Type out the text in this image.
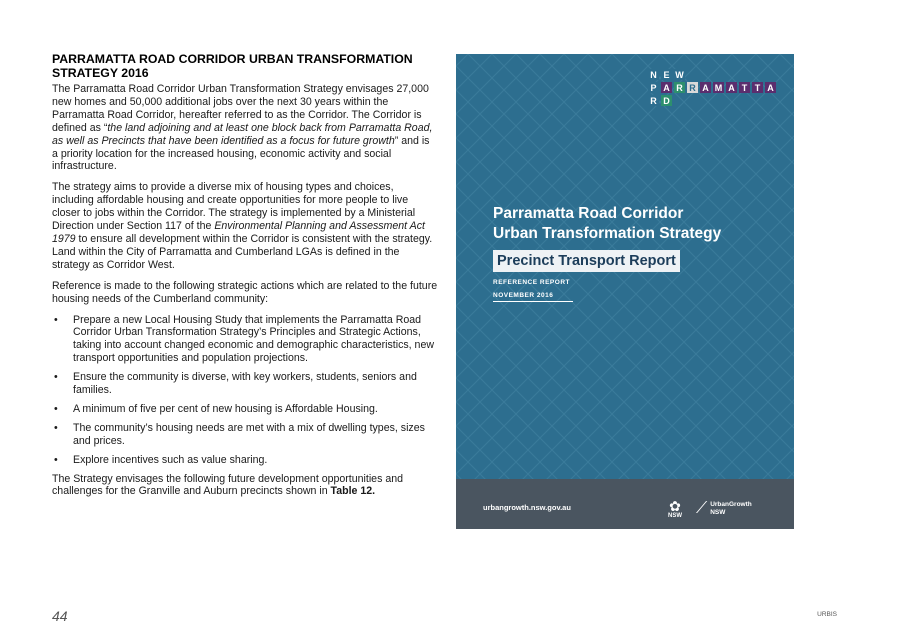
PARRAMATTA ROAD CORRIDOR URBAN TRANSFORMATION STRATEGY 2016

The Parramatta Road Corridor Urban Transformation Strategy envisages 27,000 new homes and 50,000 additional jobs over the next 30 years within the Parramatta Road Corridor, hereafter referred to as the Corridor. The Corridor is defined as “the land adjoining and at least one block back from Parramatta Road, as well as Precincts that have been identified as a focus for future growth” and is a priority location for the increased housing, economic activity and social infrastructure.

The strategy aims to provide a diverse mix of housing types and choices, including affordable housing and create opportunities for more people to live closer to jobs within the Corridor. The strategy is implemented by a Ministerial Direction under Section 117 of the Environmental Planning and Assessment Act 1979 to ensure all development within the Corridor is consistent with the strategy. Land within the City of Parramatta and Cumberland LGAs is defined in the strategy as Corridor West.

Reference is made to the following strategic actions which are related to the future housing needs of the Cumberland community:

• Prepare a new Local Housing Study that implements the Parramatta Road Corridor Urban Transformation Strategy’s Principles and Strategic Actions, taking into account changed economic and demographic characteristics, new transport opportunities and population projections.
• Ensure the community is diverse, with key workers, students, seniors and families.
• A minimum of five per cent of new housing is Affordable Housing.
• The community’s housing needs are met with a mix of dwelling types, sizes and prices.
• Explore incentives such as value sharing.

The Strategy envisages the following future development opportunities and challenges for the Granville and Auburn precincts shown in Table 12.

N E W
P A R R A M A T T A
R D
Parramatta Road Corridor
Urban Transformation Strategy
Precinct Transport Report
REFERENCE REPORT
NOVEMBER 2016
urbangrowth.nsw.gov.au	✿
NSW ⟋ UrbanGrowth
NSW
44	URBIS
